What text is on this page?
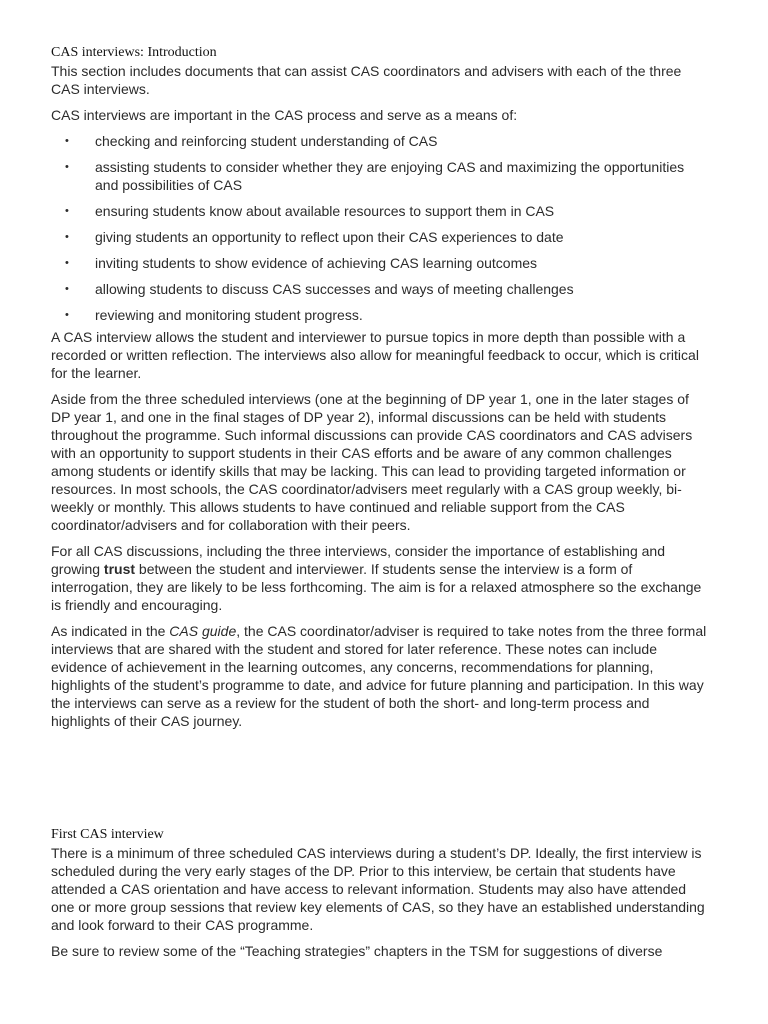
CAS interviews: Introduction

This section includes documents that can assist CAS coordinators and advisers with each of the three CAS interviews.

CAS interviews are important in the CAS process and serve as a means of:

• checking and reinforcing student understanding of CAS
• assisting students to consider whether they are enjoying CAS and maximizing the opportunities and possibilities of CAS
• ensuring students know about available resources to support them in CAS
• giving students an opportunity to reflect upon their CAS experiences to date
• inviting students to show evidence of achieving CAS learning outcomes
• allowing students to discuss CAS successes and ways of meeting challenges
• reviewing and monitoring student progress.

A CAS interview allows the student and interviewer to pursue topics in more depth than possible with a recorded or written reflection. The interviews also allow for meaningful feedback to occur, which is critical for the learner.

Aside from the three scheduled interviews (one at the beginning of DP year 1, one in the later stages of DP year 1, and one in the final stages of DP year 2), informal discussions can be held with students throughout the programme. Such informal discussions can provide CAS coordinators and CAS advisers with an opportunity to support students in their CAS efforts and be aware of any common challenges among students or identify skills that may be lacking. This can lead to providing targeted information or resources. In most schools, the CAS coordinator/advisers meet regularly with a CAS group weekly, bi-weekly or monthly. This allows students to have continued and reliable support from the CAS coordinator/advisers and for collaboration with their peers.

For all CAS discussions, including the three interviews, consider the importance of establishing and growing trust between the student and interviewer. If students sense the interview is a form of interrogation, they are likely to be less forthcoming. The aim is for a relaxed atmosphere so the exchange is friendly and encouraging.

As indicated in the CAS guide, the CAS coordinator/adviser is required to take notes from the three formal interviews that are shared with the student and stored for later reference. These notes can include evidence of achievement in the learning outcomes, any concerns, recommendations for planning, highlights of the student’s programme to date, and advice for future planning and participation. In this way the interviews can serve as a review for the student of both the short- and long-term process and highlights of their CAS journey.

First CAS interview

There is a minimum of three scheduled CAS interviews during a student’s DP. Ideally, the first interview is scheduled during the very early stages of the DP. Prior to this interview, be certain that students have attended a CAS orientation and have access to relevant information. Students may also have attended one or more group sessions that review key elements of CAS, so they have an established understanding and look forward to their CAS programme.

Be sure to review some of the “Teaching strategies” chapters in the TSM for suggestions of diverse
